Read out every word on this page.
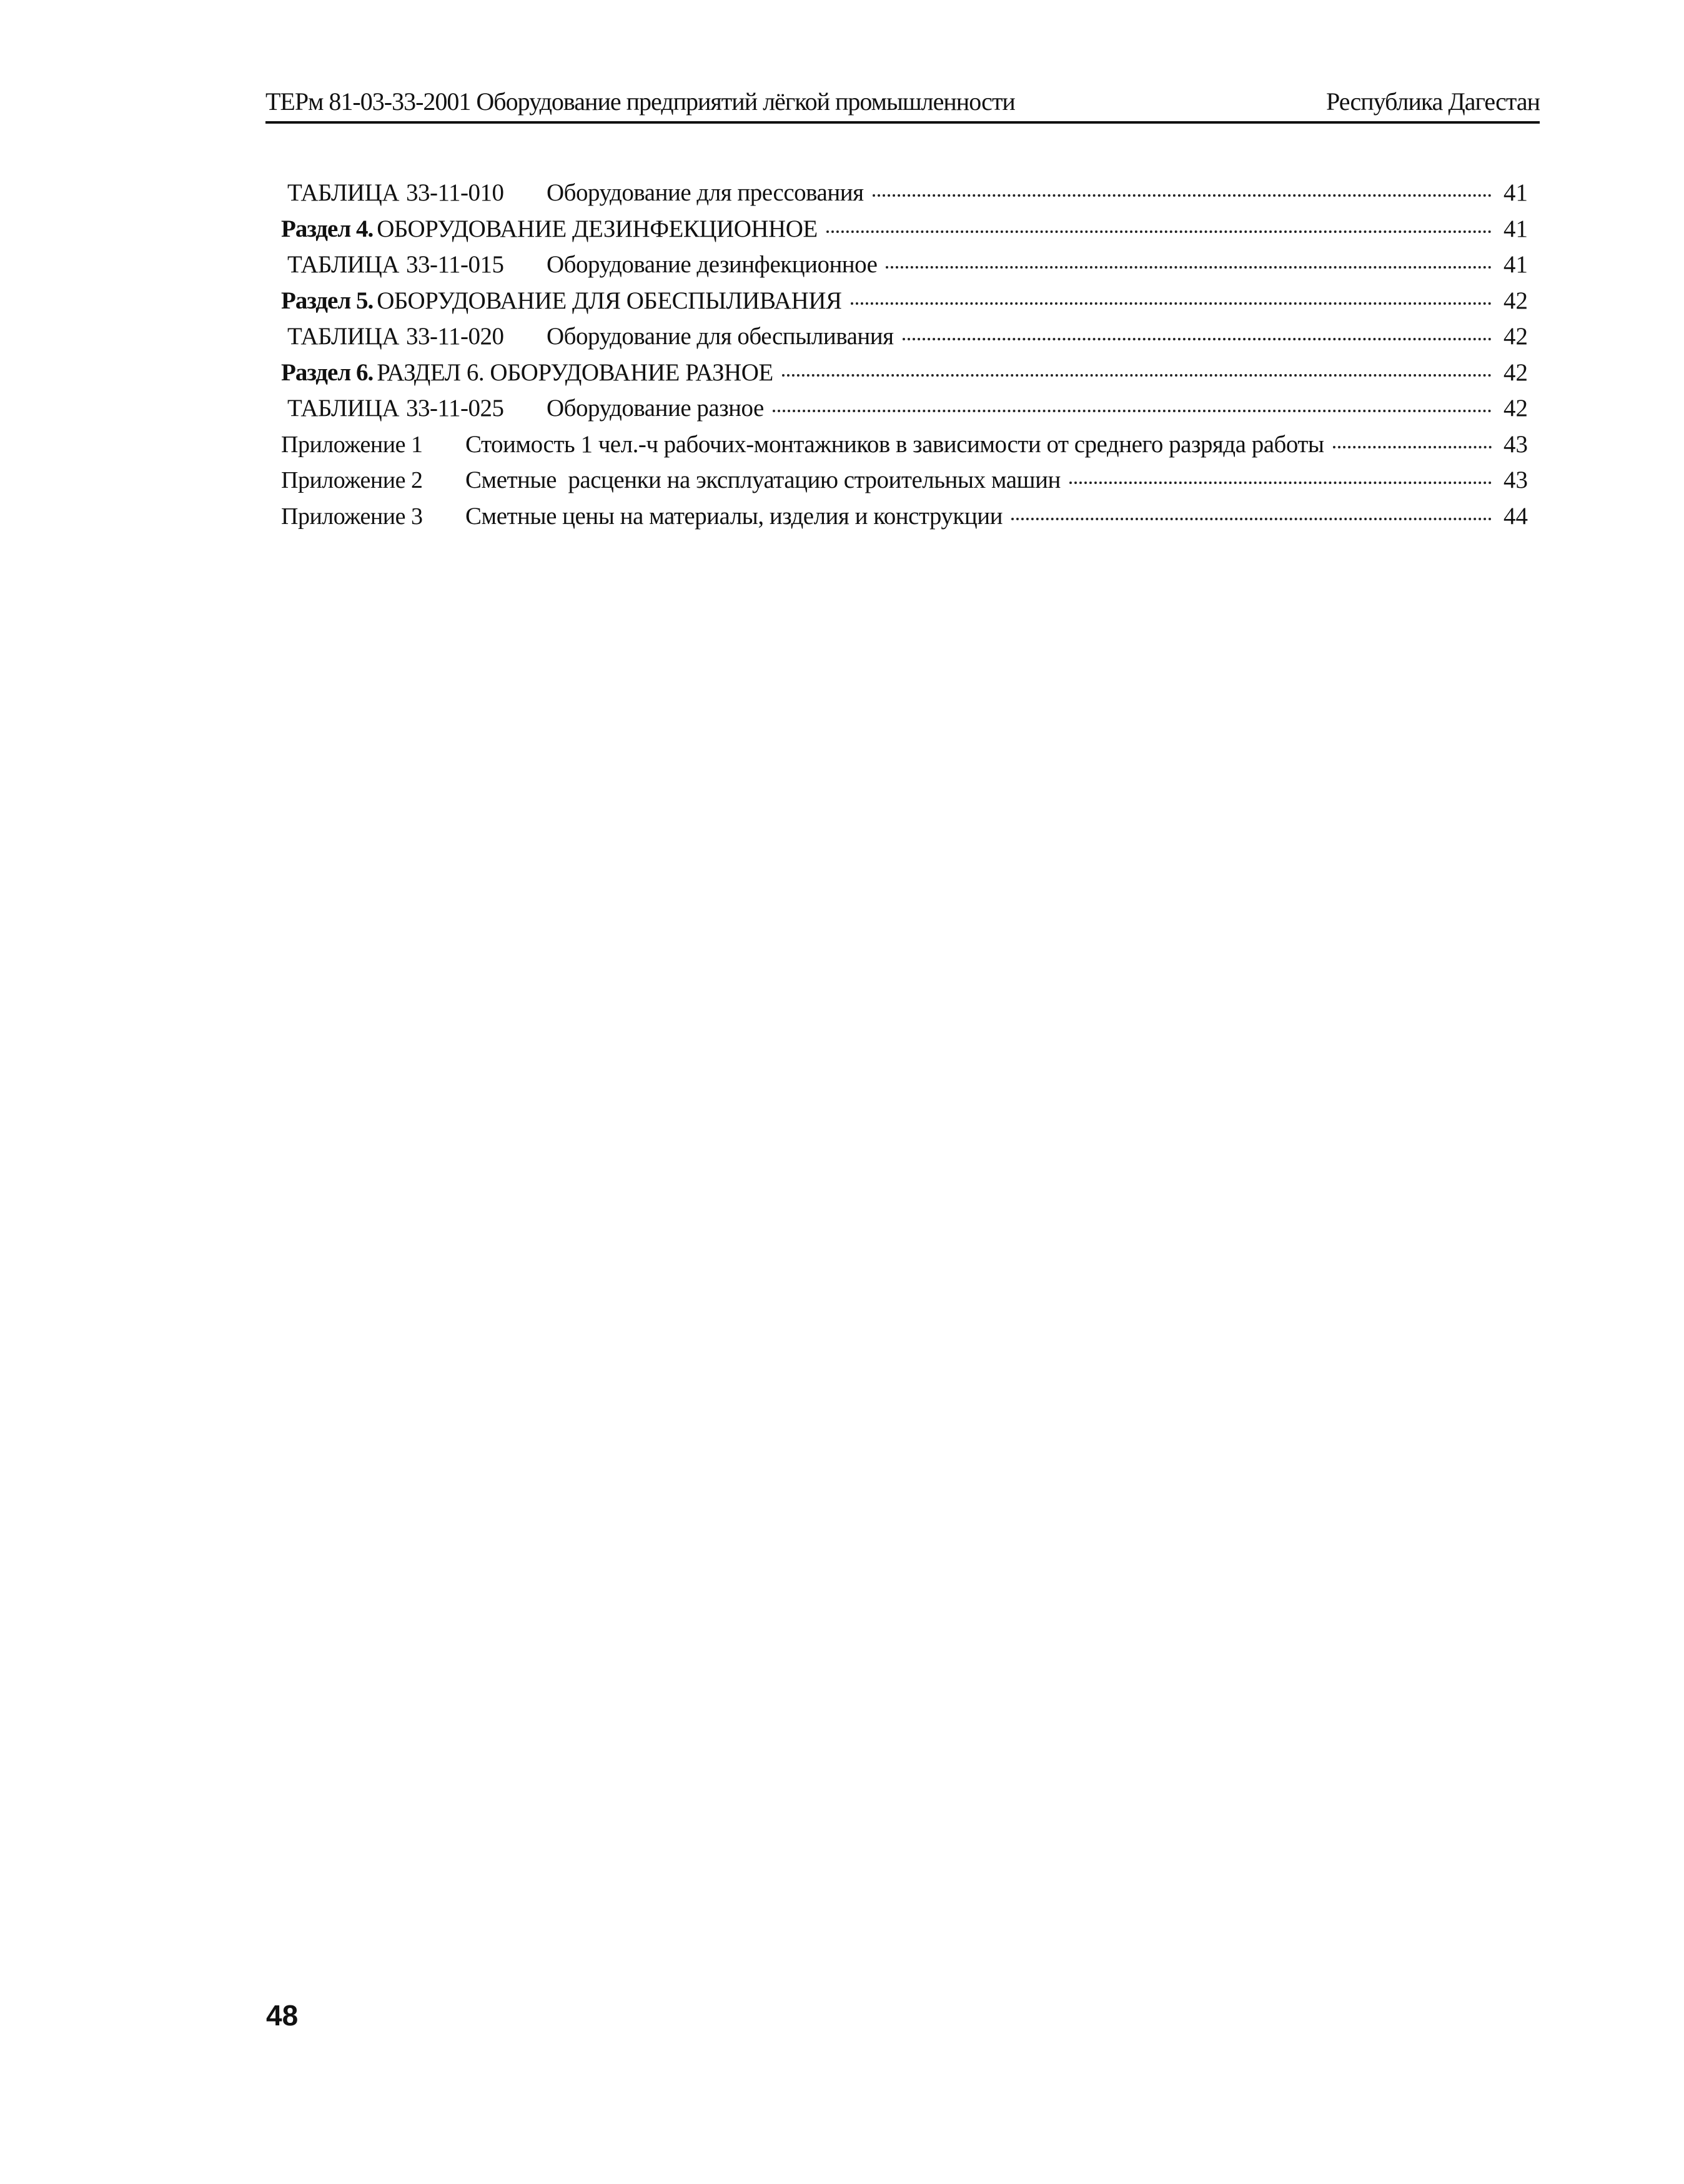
ТЕРм 81-03-33-2001 Оборудование предприятий лёгкой промышленности	Республика Дагестан
ТАБЛИЦА 33-11-010	Оборудование для прессования	41
Раздел 4. ОБОРУДОВАНИЕ ДЕЗИНФЕКЦИОННОЕ	41
ТАБЛИЦА 33-11-015	Оборудование дезинфекционное	41
Раздел 5. ОБОРУДОВАНИЕ ДЛЯ ОБЕСПЫЛИВАНИЯ	42
ТАБЛИЦА 33-11-020	Оборудование для обеспыливания	42
Раздел 6. РАЗДЕЛ 6. ОБОРУДОВАНИЕ РАЗНОЕ	42
ТАБЛИЦА 33-11-025	Оборудование разное	42
Приложение 1	Стоимость 1 чел.-ч рабочих-монтажников в зависимости от среднего разряда работы	43
Приложение 2	Сметные  расценки на эксплуатацию строительных машин	43
Приложение 3	Сметные цены на материалы, изделия и конструкции	44
48
